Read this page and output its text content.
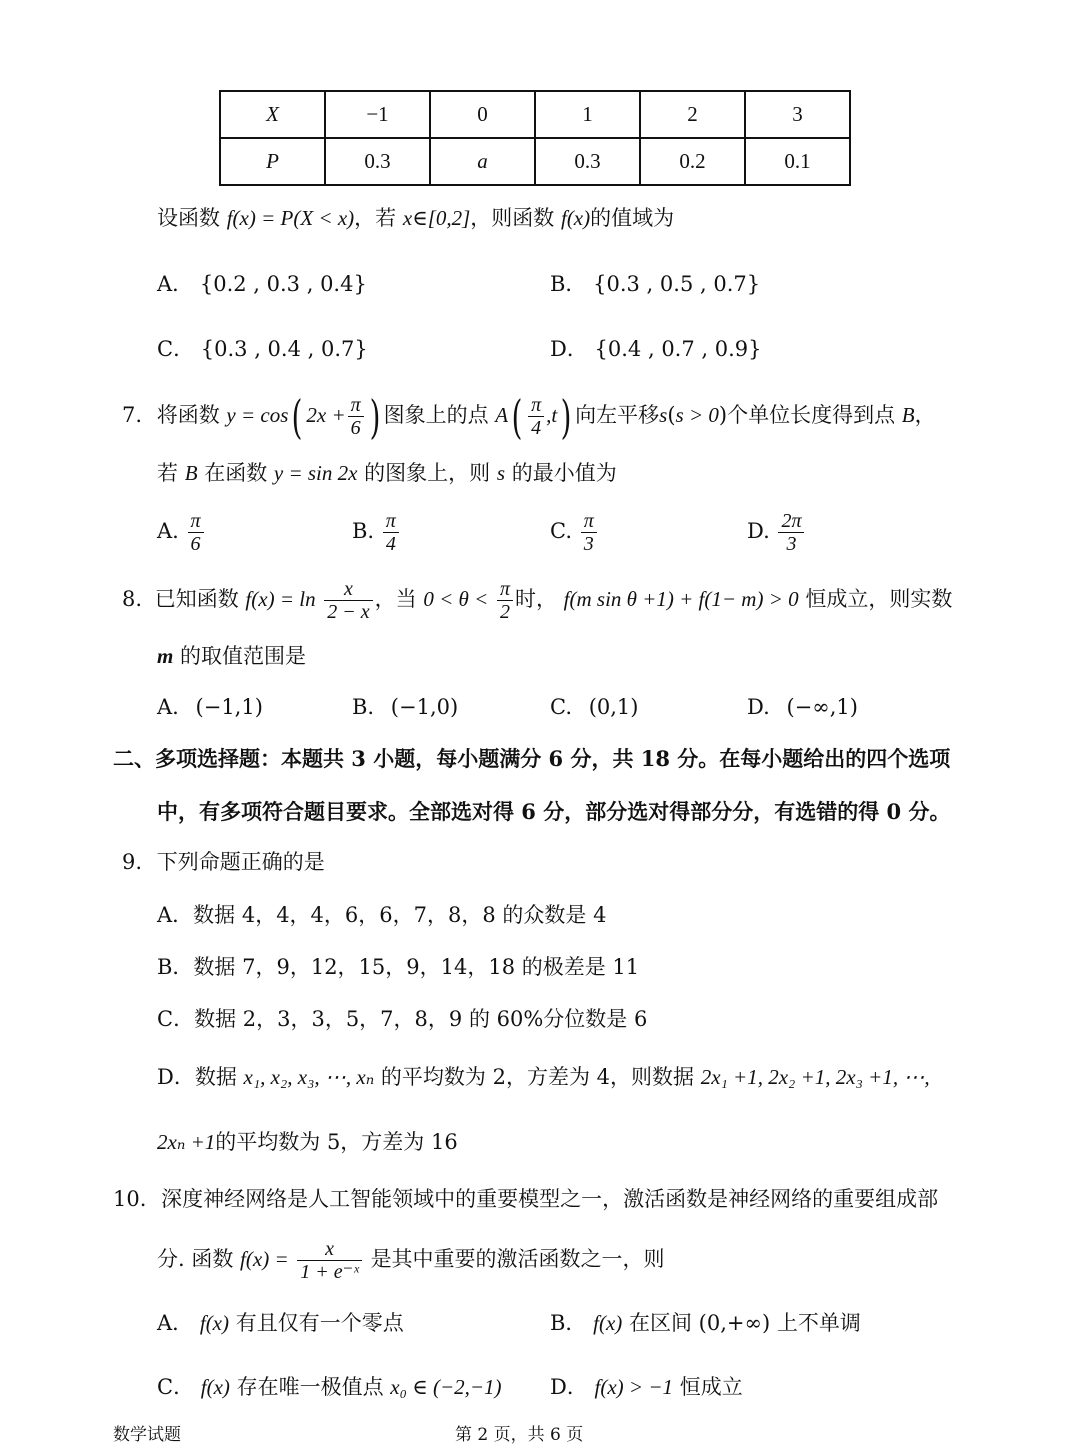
X	−1	0	1	2	3
P	0.3	a	0.3	0.2	0.1
设函数 f(x) = P(X < x)，若 x∈[0,2]，则函数 f(x)的值域为
A． {0.2 , 0.3 , 0.4}	B． {0.3 , 0.5 , 0.7}
C． {0.3 , 0.4 , 0.7}	D． {0.4 , 0.7 , 0.9}
7. 将函数 y = cos( $2x + \frac{\pi}{6}$ ) 图象上的点 $A( \frac{\pi}{4} ,t)$ 向左平移s(s > 0)个单位长度得到点 B，
若 B 在函数 y = sin 2x 的图象上，则 s 的最小值为
A. $\frac{\pi}{6}$	B. $\frac{\pi}{4}$	C. $\frac{\pi}{3}$	D. $\frac{2\pi}{3}$
8. 已知函数 $f(x) = \ln \frac{x}{2 - x}$ ，当 $0 < \theta < \frac{\pi}{2}$ 时， f(m sin θ +1) + f(1− m) > 0 恒成立，则实数
m 的取值范围是
A. (−1,1)	B. (−1,0)	C. (0,1)	D. (−∞,1)
二、多项选择题：本题共 3 小题，每小题满分 6 分，共 18 分。在每小题给出的四个选项
中，有多项符合题目要求。全部选对得 6 分，部分选对得部分分，有选错的得 0 分。
9. 下列命题正确的是
A．数据 4，4，4，6，6，7，8，8 的众数是 4
B．数据 7，9，12，15，9，14，18 的极差是 11
C．数据 2，3，3，5，7，8，9 的 60%分位数是 6
D．数据 x₁, x₂, x₃, ⋯, xₙ 的平均数为 2，方差为 4，则数据 2x₁ +1, 2x₂ +1, 2x₃ +1, ⋯,
2xₙ +1的平均数为 5，方差为 16
10. 深度神经网络是人工智能领域中的重要模型之一，激活函数是神经网络的重要组成部
分. 函数 $f(x) = \frac{x}{\text{1 + e⁻ˣ}}$ 是其中重要的激活函数之一，则
A． f(x) 有且仅有一个零点	B． f(x) 在区间 (0,+∞) 上不单调
C． f(x) 存在唯一极值点 x₀ ∈ (−2,−1) D． f(x) > −1 恒成立
数学试题	第 2 页，共 6 页
